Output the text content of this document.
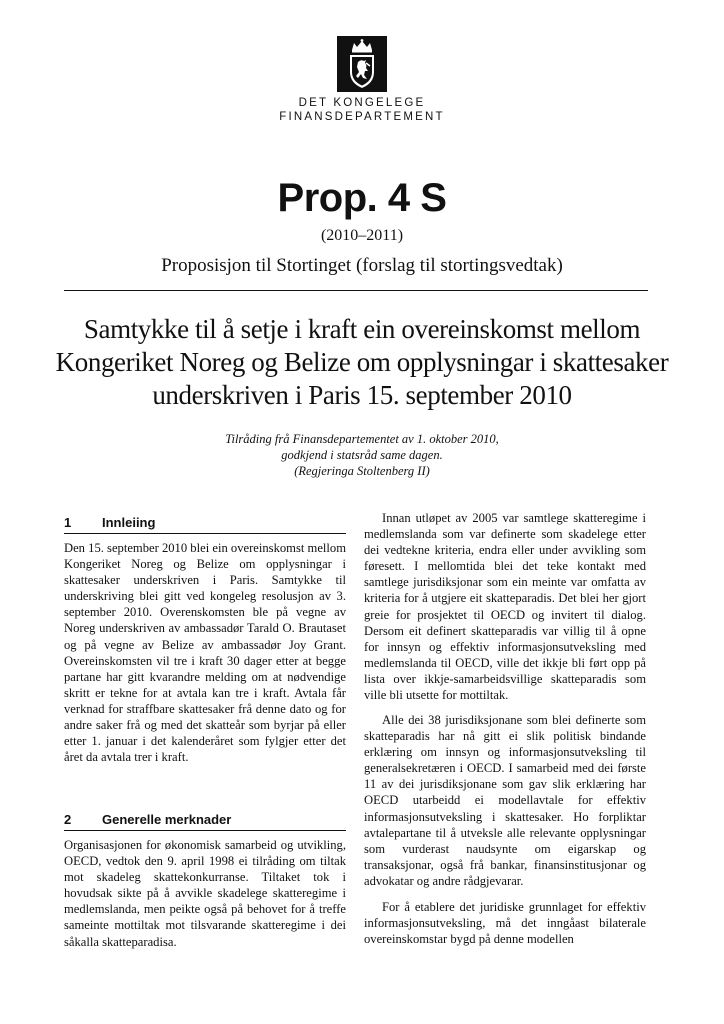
DET KONGELEGE
FINANSDEPARTEMENT
Prop. 4 S
(2010–2011)
Proposisjon til Stortinget (forslag til stortingsvedtak)
Samtykke til å setje i kraft ein overeinskomst mellom Kongeriket Noreg og Belize om opplysningar i skattesaker underskriven i Paris 15. september 2010
Tilråding frå Finansdepartementet av 1. oktober 2010,
godkjend i statsråd same dagen.
(Regjeringa Stoltenberg II)
1 Innleiing

Den 15. september 2010 blei ein overeinskomst mellom Kongeriket Noreg og Belize om opplysningar i skattesaker underskriven i Paris. Samtykke til underskriving blei gitt ved kongeleg resolusjon av 3. september 2010. Overenskomsten ble på vegne av Noreg underskriven av ambassadør Tarald O. Brautaset og på vegne av Belize av ambassadør Joy Grant. Overeinskomsten vil tre i kraft 30 dager etter at begge partane har gitt kvarandre melding om at nødvendige skritt er tekne for at avtala kan tre i kraft. Avtala får verknad for straffbare skattesaker frå denne dato og for andre saker frå og med det skatteår som byrjar på eller etter 1. januar i det kalenderåret som fylgjer etter det året da avtala trer i kraft.

2 Generelle merknader

Organisasjonen for økonomisk samarbeid og utvikling, OECD, vedtok den 9. april 1998 ei tilråding om tiltak mot skadeleg skattekonkurranse. Tiltaket tok i hovudsak sikte på å avvikle skadelege skatteregime i medlemslanda, men peikte også på behovet for å treffe sameinte mottiltak mot tilsvarande skatteregime i dei såkalla skatteparadisa.

Innan utløpet av 2005 var samtlege skatteregime i medlemslanda som var definerte som skadelege etter dei vedtekne kriteria, endra eller under avvikling som føresett. I mellomtida blei det teke kontakt med samtlege jurisdiksjonar som ein meinte var omfatta av kriteria for å utgjere eit skatteparadis. Det blei her gjort greie for prosjektet til OECD og invitert til dialog. Dersom eit definert skatteparadis var villig til å opne for innsyn og effektiv informasjonsutveksling med medlemslanda til OECD, ville det ikkje bli ført opp på lista over ikkje-samarbeidsvillige skatteparadis som ville bli utsette for mottiltak.

Alle dei 38 jurisdiksjonane som blei definerte som skatteparadis har nå gitt ei slik politisk bindande erklæring om innsyn og informasjonsutveksling til generalsekretæren i OECD. I samarbeid med dei første 11 av dei jurisdiksjonane som gav slik erklæring har OECD utarbeidd ei modellavtale for effektiv informasjonsutveksling i skattesaker. Ho forpliktar avtalepartane til å utveksle alle relevante opplysningar som vurderast naudsynte om eigarskap og transaksjonar, også frå bankar, finansinstitusjonar og advokatar og andre rådgjevarar.

For å etablere det juridiske grunnlaget for effektiv informasjonsutveksling, må det inngåast bilaterale overeinskomstar bygd på denne modellen
